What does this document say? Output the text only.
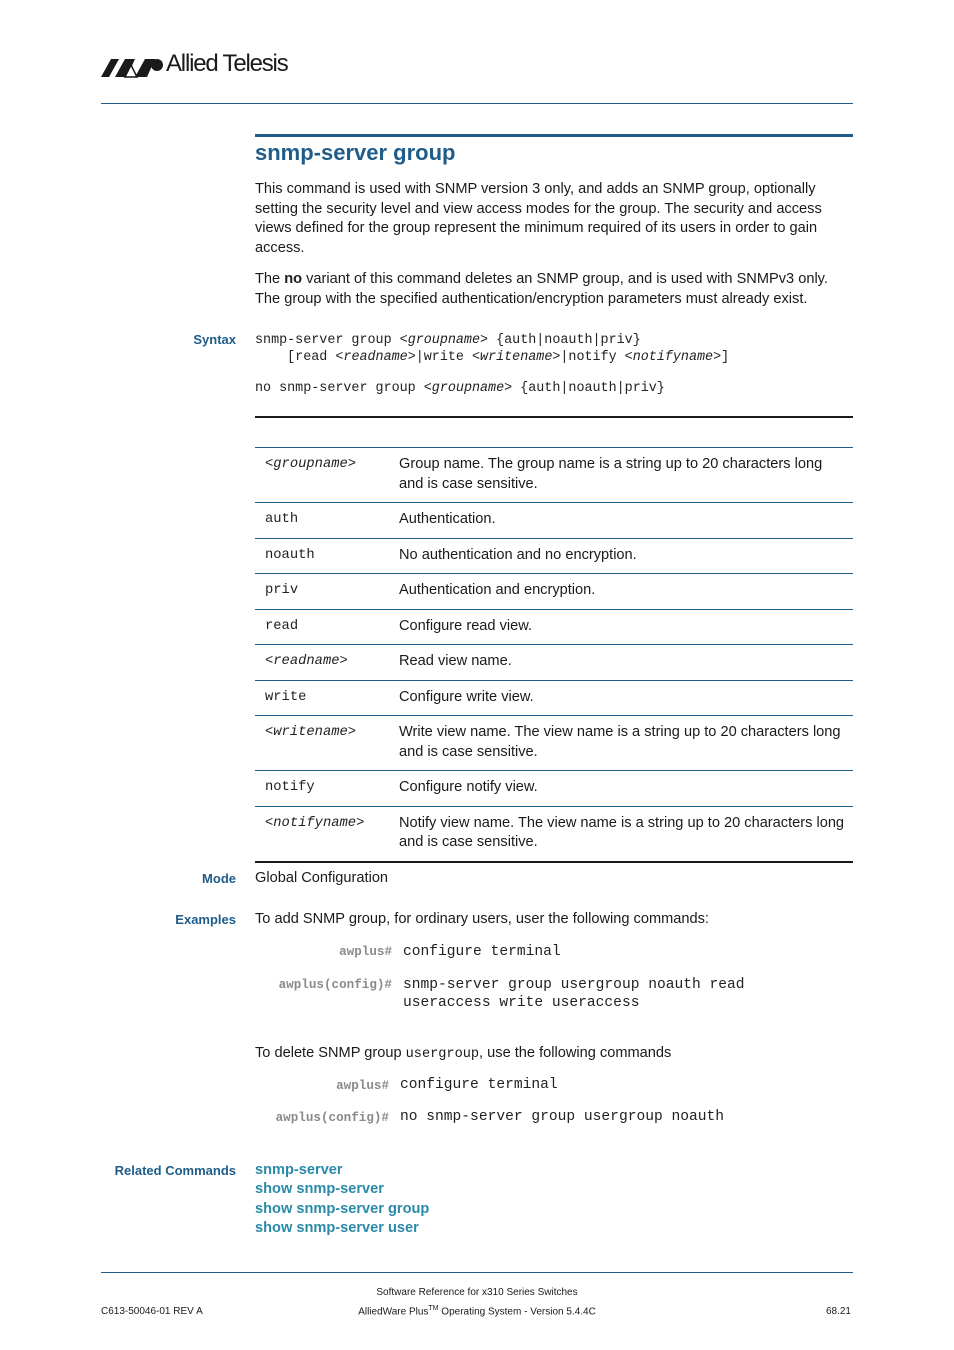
Allied Telesis
snmp-server group

This command is used with SNMP version 3 only, and adds an SNMP group, optionally setting the security level and view access modes for the group. The security and access views defined for the group represent the minimum required of its users in order to gain access.

The no variant of this command deletes an SNMP group, and is used with SNMPv3 only. The group with the specified authentication/encryption parameters must already exist.

Syntax snmp-server group <groupname> {auth|noauth|priv}
[read <readname>|write <writename>|notify <notifyname>]
no snmp-server group <groupname> {auth|noauth|priv}
<groupname>	Group name. The group name is a string up to 20 characters long and is case sensitive.
auth	Authentication.
noauth	No authentication and no encryption.
priv	Authentication and encryption.
read	Configure read view.
<readname>	Read view name.
write	Configure write view.
<writename>	Write view name. The view name is a string up to 20 characters long and is case sensitive.
notify	Configure notify view.
<notifyname>	Notify view name. The view name is a string up to 20 characters long and is case sensitive.
Mode Global Configuration
Examples To add SNMP group, for ordinary users, user the following commands:
awplus# configure terminal
awplus(config)# snmp-server group usergroup noauth read
useraccess write useraccess
To delete SNMP group usergroup, use the following commands
awplus# configure terminal
awplus(config)# no snmp-server group usergroup noauth
Related Commands snmp-server
show snmp-server
show snmp-server group
show snmp-server user
Software Reference for x310 Series Switches
AlliedWare Plus™ Operating System - Version 5.4.4C
C613-50046-01 REV A	68.21
